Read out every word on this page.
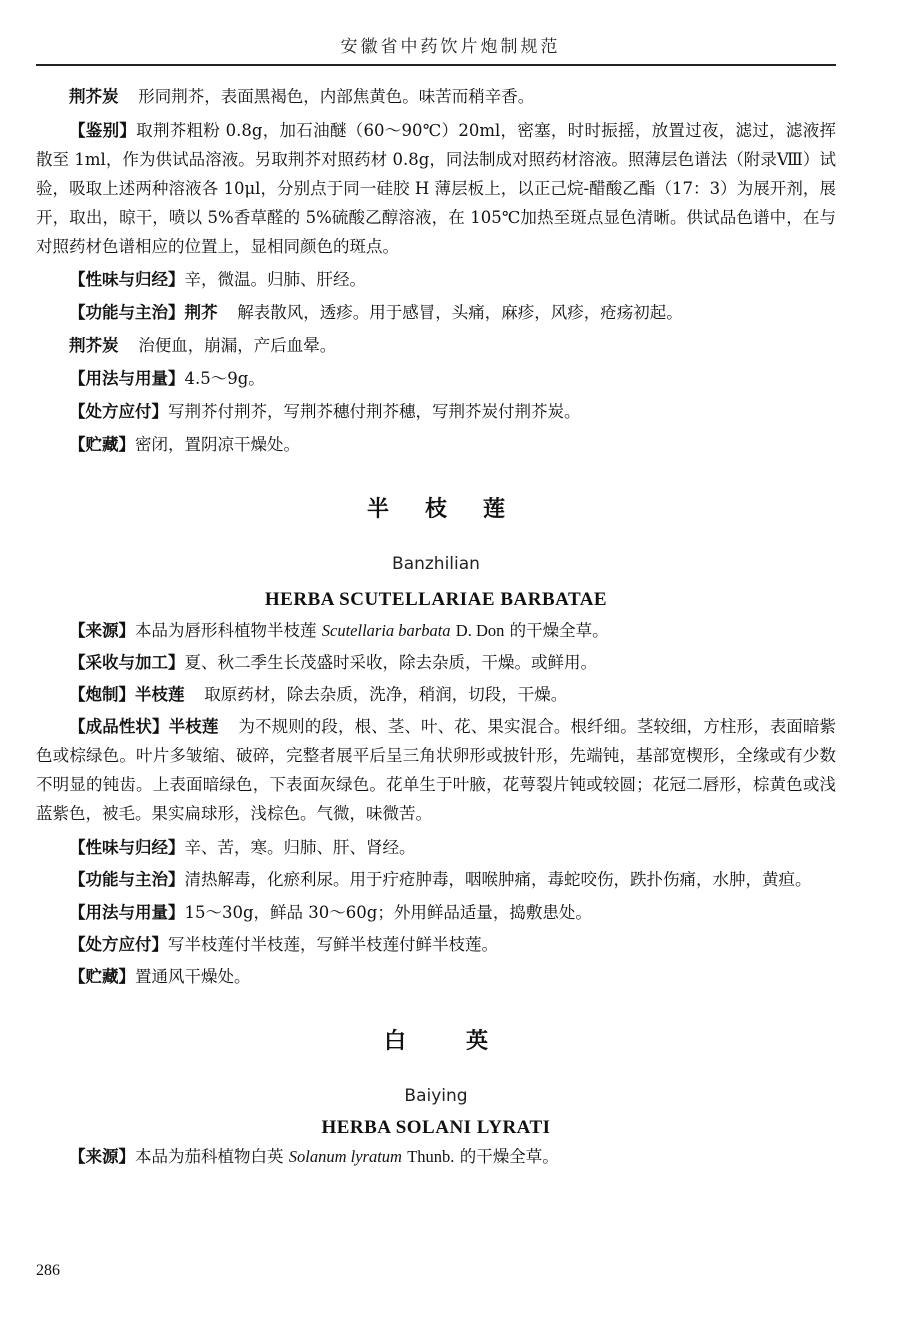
安徽省中药饮片炮制规范

荆芥炭 形同荆芥，表面黑褐色，内部焦黄色。味苦而稍辛香。

【鉴别】取荆芥粗粉 0.8g，加石油醚（60～90℃）20ml，密塞，时时振摇，放置过夜，滤过，滤液挥散至 1ml，作为供试品溶液。另取荆芥对照药材 0.8g，同法制成对照药材溶液。照薄层色谱法（附录Ⅷ）试验，吸取上述两种溶液各 10μl，分别点于同一硅胶 H 薄层板上，以正己烷-醋酸乙酯（17：3）为展开剂，展开，取出，晾干，喷以 5%香草醛的 5%硫酸乙醇溶液，在 105℃加热至斑点显色清晰。供试品色谱中，在与对照药材色谱相应的位置上，显相同颜色的斑点。

【性味与归经】辛，微温。归肺、肝经。

【功能与主治】荆芥 解表散风，透疹。用于感冒，头痛，麻疹，风疹，疮疡初起。

荆芥炭 治便血，崩漏，产后血晕。

【用法与用量】4.5～9g。

【处方应付】写荆芥付荆芥，写荆芥穗付荆芥穗，写荆芥炭付荆芥炭。

【贮藏】密闭，置阴凉干燥处。

半枝莲

Banzhilian

HERBA SCUTELLARIAE BARBATAE

【来源】本品为唇形科植物半枝莲 Scutellaria barbata D. Don 的干燥全草。

【采收与加工】夏、秋二季生长茂盛时采收，除去杂质，干燥。或鲜用。

【炮制】半枝莲 取原药材，除去杂质，洗净，稍润，切段，干燥。

【成品性状】半枝莲 为不规则的段，根、茎、叶、花、果实混合。根纤细。茎较细，方柱形，表面暗紫色或棕绿色。叶片多皱缩、破碎，完整者展平后呈三角状卵形或披针形，先端钝，基部宽楔形，全缘或有少数不明显的钝齿。上表面暗绿色，下表面灰绿色。花单生于叶腋，花萼裂片钝或较圆；花冠二唇形，棕黄色或浅蓝紫色，被毛。果实扁球形，浅棕色。气微，味微苦。

【性味与归经】辛、苦，寒。归肺、肝、肾经。

【功能与主治】清热解毒，化瘀利尿。用于疔疮肿毒，咽喉肿痛，毒蛇咬伤，跌扑伤痛，水肿，黄疸。

【用法与用量】15～30g，鲜品 30～60g；外用鲜品适量，捣敷患处。

【处方应付】写半枝莲付半枝莲，写鲜半枝莲付鲜半枝莲。

【贮藏】置通风干燥处。

白英

Baiying

HERBA SOLANI LYRATI

【来源】本品为茄科植物白英 Solanum lyratum Thunb. 的干燥全草。

286
